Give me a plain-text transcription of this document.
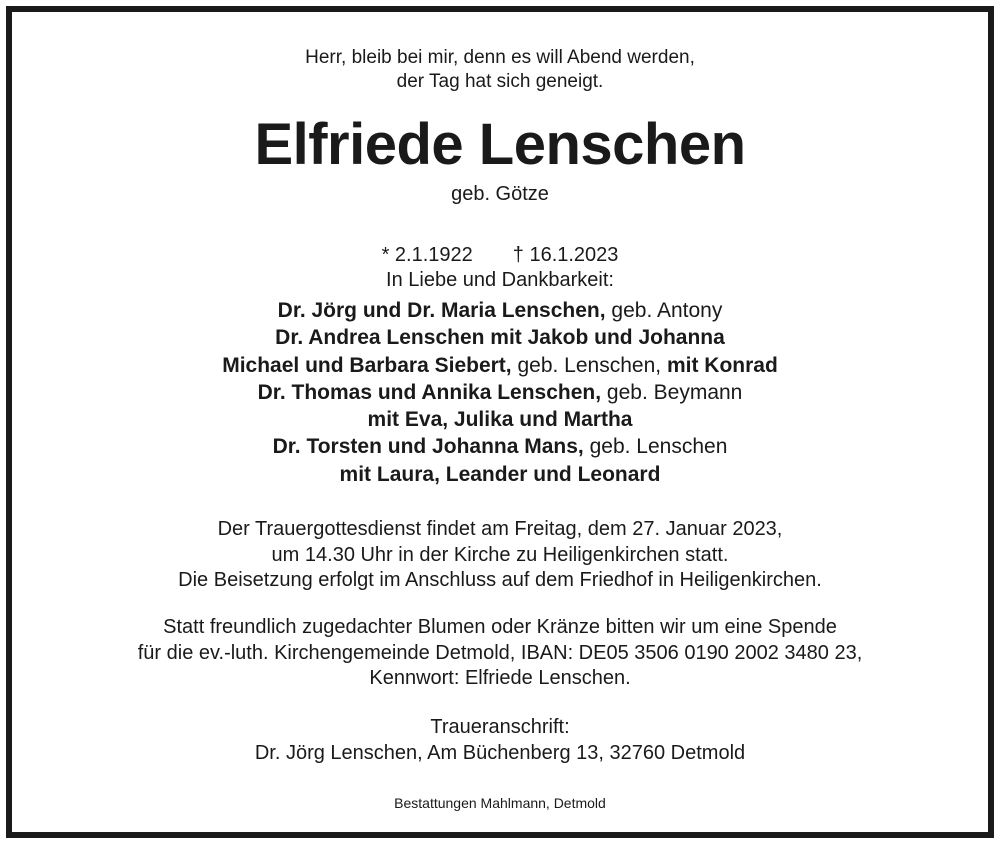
Herr, bleib bei mir, denn es will Abend werden,
der Tag hat sich geneigt.
Elfriede Lenschen
geb. Götze
* 2.1.1922 † 16.1.2023
In Liebe und Dankbarkeit:
Dr. Jörg und Dr. Maria Lenschen, geb. Antony
Dr. Andrea Lenschen mit Jakob und Johanna
Michael und Barbara Siebert, geb. Lenschen, mit Konrad
Dr. Thomas und Annika Lenschen, geb. Beymann
mit Eva, Julika und Martha
Dr. Torsten und Johanna Mans, geb. Lenschen
mit Laura, Leander und Leonard
Der Trauergottesdienst findet am Freitag, dem 27. Januar 2023,
um 14.30 Uhr in der Kirche zu Heiligenkirchen statt.
Die Beisetzung erfolgt im Anschluss auf dem Friedhof in Heiligenkirchen.
Statt freundlich zugedachter Blumen oder Kränze bitten wir um eine Spende
für die ev.-luth. Kirchengemeinde Detmold, IBAN: DE05 3506 0190 2002 3480 23,
Kennwort: Elfriede Lenschen.
Traueranschrift:
Dr. Jörg Lenschen, Am Büchenberg 13, 32760 Detmold
Bestattungen Mahlmann, Detmold
